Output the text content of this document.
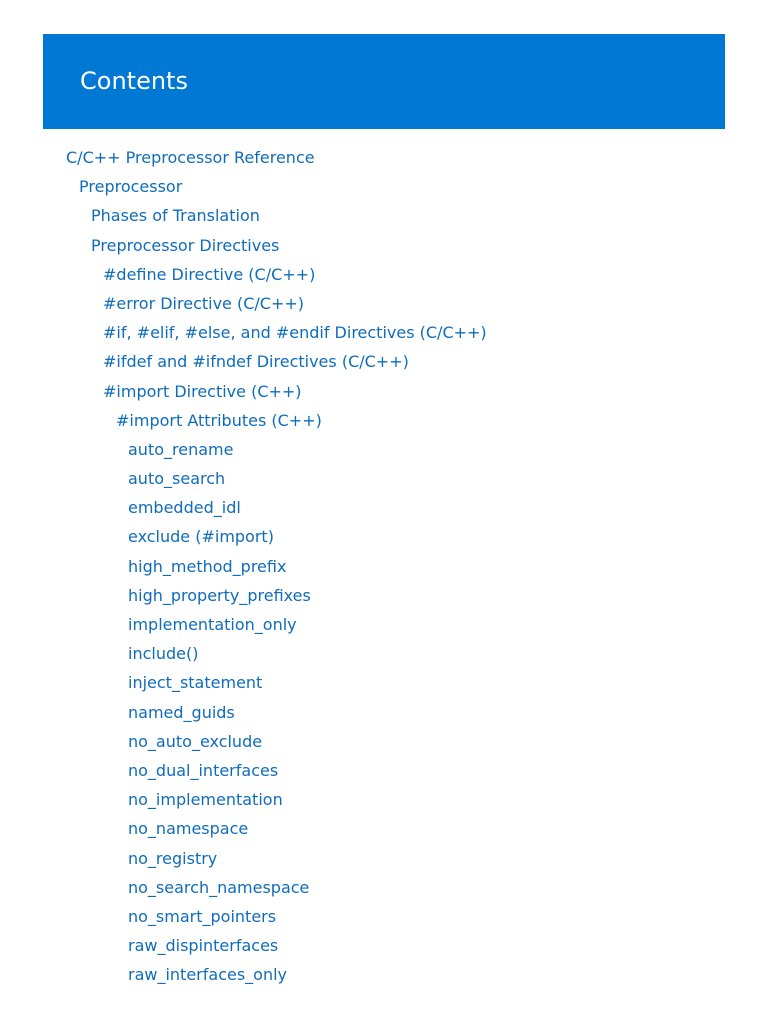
Contents
C/C++ Preprocessor Reference
Preprocessor
Phases of Translation
Preprocessor Directives
#define Directive (C/C++)
#error Directive (C/C++)
#if, #elif, #else, and #endif Directives (C/C++)
#ifdef and #ifndef Directives (C/C++)
#import Directive (C++)
#import Attributes (C++)
auto_rename
auto_search
embedded_idl
exclude (#import)
high_method_prefix
high_property_prefixes
implementation_only
include()
inject_statement
named_guids
no_auto_exclude
no_dual_interfaces
no_implementation
no_namespace
no_registry
no_search_namespace
no_smart_pointers
raw_dispinterfaces
raw_interfaces_only
